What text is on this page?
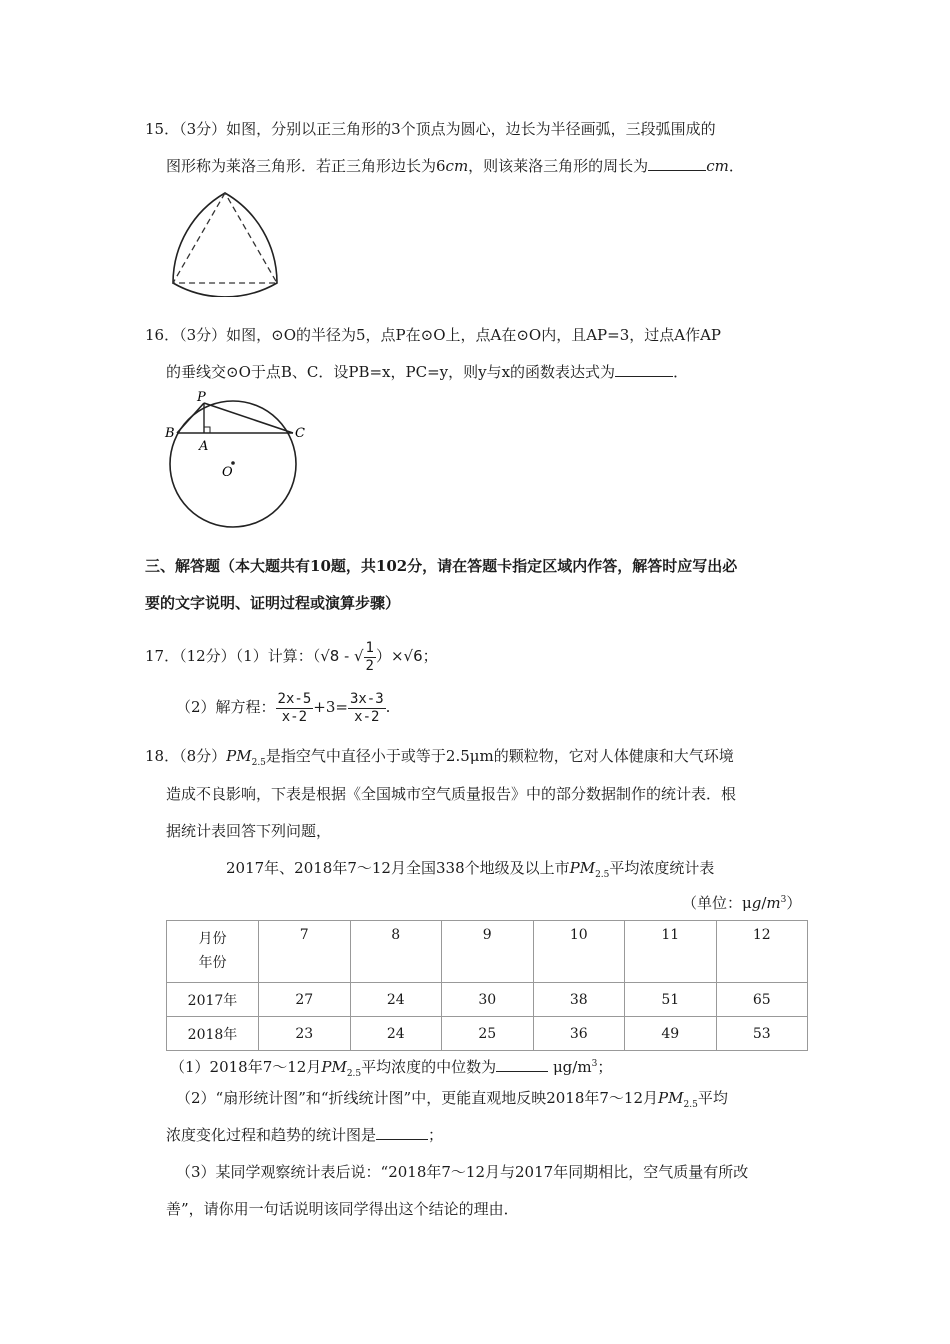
15．（3分）如图，分别以正三角形的3个顶点为圆心，边长为半径画弧，三段弧围成的
图形称为莱洛三角形．若正三角形边长为6cm，则该莱洛三角形的周长为	cm．
16．（3分）如图，⊙O的半径为5，点P在⊙O上，点A在⊙O内，且AP=3，过点A作AP
的垂线交⊙O于点B、C．设PB=x，PC=y，则y与x的函数表达式为	．
P
B
A
C
O
三、解答题（本大题共有10题，共102分，请在答题卡指定区域内作答，解答时应写出必
要的文字说明、证明过程或演算步骤）
17．（12分）（1）计算：（√8 - √ $\frac{1}{2} )\times√6$；
（2）解方程： $\frac{2x-5}{x-2} +3= \frac{3x-3}{x-2}$ .
18．（8分）$PM_{2.5}$是指空气中直径小于或等于2.5μm的颗粒物，它对人体健康和大气环境
造成不良影响，下表是根据《全国城市空气质量报告》中的部分数据制作的统计表．根
据统计表回答下列问题，
2017年、2018年7～12月全国338个地级及以上市$PM_{2.5}$平均浓度统计表
（单位：$\mu g/m^3$）
月份
年份	7	8	9	10	11	12
2017年	27	24	30	38	51	65
2018年	23	24	25	36	49	53
（1）2018年7～12月$PM_{2.5}$平均浓度的中位数为	$\mu g/m^3$；
（2）“扇形统计图”和“折线统计图”中，更能直观地反映2018年7～12月$PM_{2.5}$平均
浓度变化过程和趋势的统计图是	；
（3）某同学观察统计表后说：“2018年7～12月与2017年同期相比，空气质量有所改
善”，请你用一句话说明该同学得出这个结论的理由．
